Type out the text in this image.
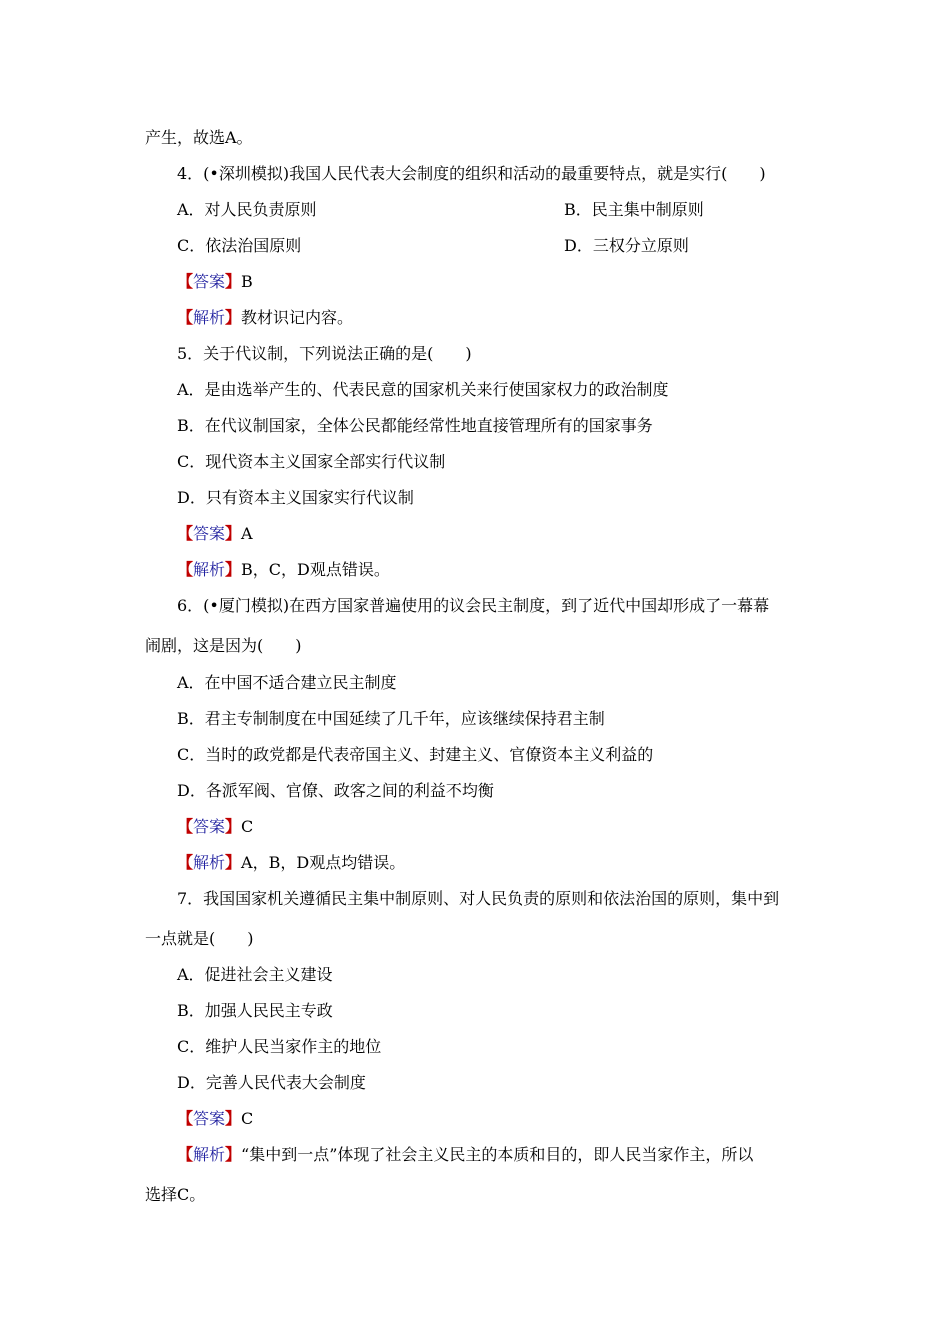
产生，故选A。
4．(•深圳模拟)我国人民代表大会制度的组织和活动的最重要特点，就是实行(　　)
A．对人民负责原则	B．民主集中制原则
C．依法治国原则	D．三权分立原则
【答案】B
【解析】教材识记内容。
5．关于代议制，下列说法正确的是(　　)
A．是由选举产生的、代表民意的国家机关来行使国家权力的政治制度
B．在代议制国家，全体公民都能经常性地直接管理所有的国家事务
C．现代资本主义国家全部实行代议制
D．只有资本主义国家实行代议制
【答案】A
【解析】B，C，D观点错误。
6．(•厦门模拟)在西方国家普遍使用的议会民主制度，到了近代中国却形成了一幕幕
闹剧，这是因为(　　)
A．在中国不适合建立民主制度
B．君主专制制度在中国延续了几千年，应该继续保持君主制
C．当时的政党都是代表帝国主义、封建主义、官僚资本主义利益的
D．各派军阀、官僚、政客之间的利益不均衡
【答案】C
【解析】A，B，D观点均错误。
7．我国国家机关遵循民主集中制原则、对人民负责的原则和依法治国的原则，集中到
一点就是(　　)
A．促进社会主义建设
B．加强人民民主专政
C．维护人民当家作主的地位
D．完善人民代表大会制度
【答案】C
【解析】“集中到一点”体现了社会主义民主的本质和目的，即人民当家作主，所以
选择C。
